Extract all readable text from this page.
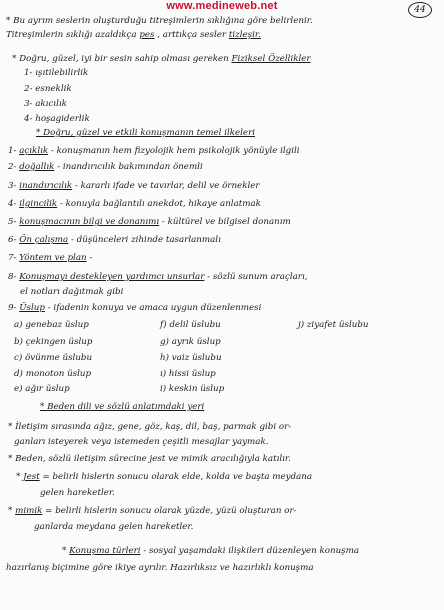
www.medineweb.net	44
* Bu ayrım seslerin oluşturduğu titreşimlerin sıklığına göre belirlenir.
Titreşimlerin sıklığı azaldıkça pes , arttıkça sesler tizleşir.
* Doğru, güzel, iyi bir sesin sahip olması gereken Fiziksel Özellikler
1- ışıtilebilirlik
2- esneklik
3- akıcılık
4- hoşagiderlik
* Doğru, güzel ve etkili konuşmanın temel ilkeleri
1- açıklık - konuşmanın hem fizyolojik hem psikolojik yönüyle ilgili
2- doğallık - inandırıcılık bakımından önemli
3- inandırıcılık - kararlı ifade ve tavırlar, delil ve örnekler
4- ilgincilik - konuyla bağlantılı anekdot, hikaye anlatmak
5- konuşmacının bilgi ve donanımı - kültürel ve bilgisel donanım
6- Ön çalışma - düşünceleri zihinde tasarlanmalı
7- Yöntem ve plan -
8- Konuşmayı destekleyen yardımcı unsurlar - sözlü sunum araçları,
el notları dağıtmak gibi
9- Üslup - ifadenin konuya ve amaca uygun düzenlenmesi
a) genebaz üslup
b) çekingen üslup
c) övünme üslubu
d) monoton üslup
e) ağır üslup
f) delil üslubu
g) ayrık üslup
h) vaiz üslubu
ı) hissi üslup
i) keskin üslup
j) ziyafet üslubu
* Beden dili ve sözlü anlatımdaki yeri
* İletişim sırasında ağız, gene, göz, kaş, dil, baş, parmak gibi or-
ganları isteyerek veya istemeden çeşitli mesajlar yaymak.
* Beden, sözlü iletişim sürecine jest ve mimik aracılığıyla katılır.
* Jest = belirli hislerin sonucu olarak elde, kolda ve başta meydana
gelen hareketler.
* mimik = belirli hislerin sonucu olarak yüzde, yüzü oluşturan or-
ganlarda meydana gelen hareketler.
* Konuşma türleri - sosyal yaşamdaki ilişkileri düzenleyen konuşma
hazırlanış biçimine göre ikiye ayrılır. Hazırlıksız ve hazırlıklı konuşma
